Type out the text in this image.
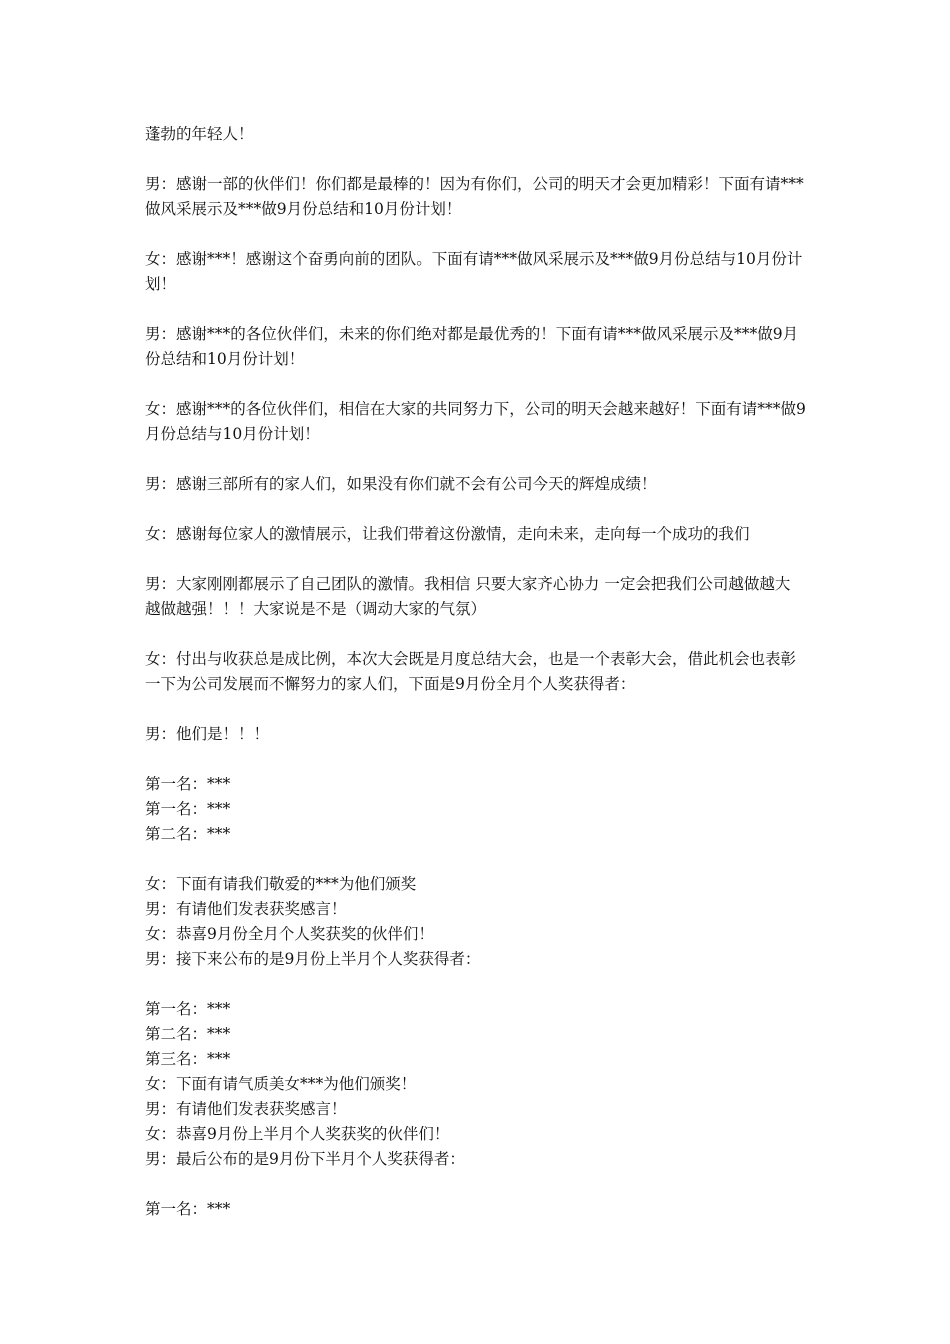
蓬勃的年轻人！

男：感谢一部的伙伴们！你们都是最棒的！因为有你们，公司的明天才会更加精彩！下面有请***做风采展示及***做9月份总结和10月份计划！

女：感谢***！感谢这个奋勇向前的团队。下面有请***做风采展示及***做9月份总结与10月份计划！

男：感谢***的各位伙伴们，未来的你们绝对都是最优秀的！下面有请***做风采展示及***做9月份总结和10月份计划！

女：感谢***的各位伙伴们，相信在大家的共同努力下，公司的明天会越来越好！下面有请***做9月份总结与10月份计划！

男：感谢三部所有的家人们，如果没有你们就不会有公司今天的辉煌成绩！

女：感谢每位家人的激情展示，让我们带着这份激情，走向未来，走向每一个成功的我们

男：大家刚刚都展示了自己团队的激情。我相信 只要大家齐心协力 一定会把我们公司越做越大 越做越强！！！大家说是不是（调动大家的气氛）

女：付出与收获总是成比例，本次大会既是月度总结大会，也是一个表彰大会，借此机会也表彰一下为公司发展而不懈努力的家人们，下面是9月份全月个人奖获得者：

男：他们是！！！

第一名：***

第一名：***

第二名：***

女：下面有请我们敬爱的***为他们颁奖

男：有请他们发表获奖感言！

女：恭喜9月份全月个人奖获奖的伙伴们！

男：接下来公布的是9月份上半月个人奖获得者：

第一名：***

第二名：***

第三名：***

女：下面有请气质美女***为他们颁奖！

男：有请他们发表获奖感言！

女：恭喜9月份上半月个人奖获奖的伙伴们！

男：最后公布的是9月份下半月个人奖获得者：

第一名：***
